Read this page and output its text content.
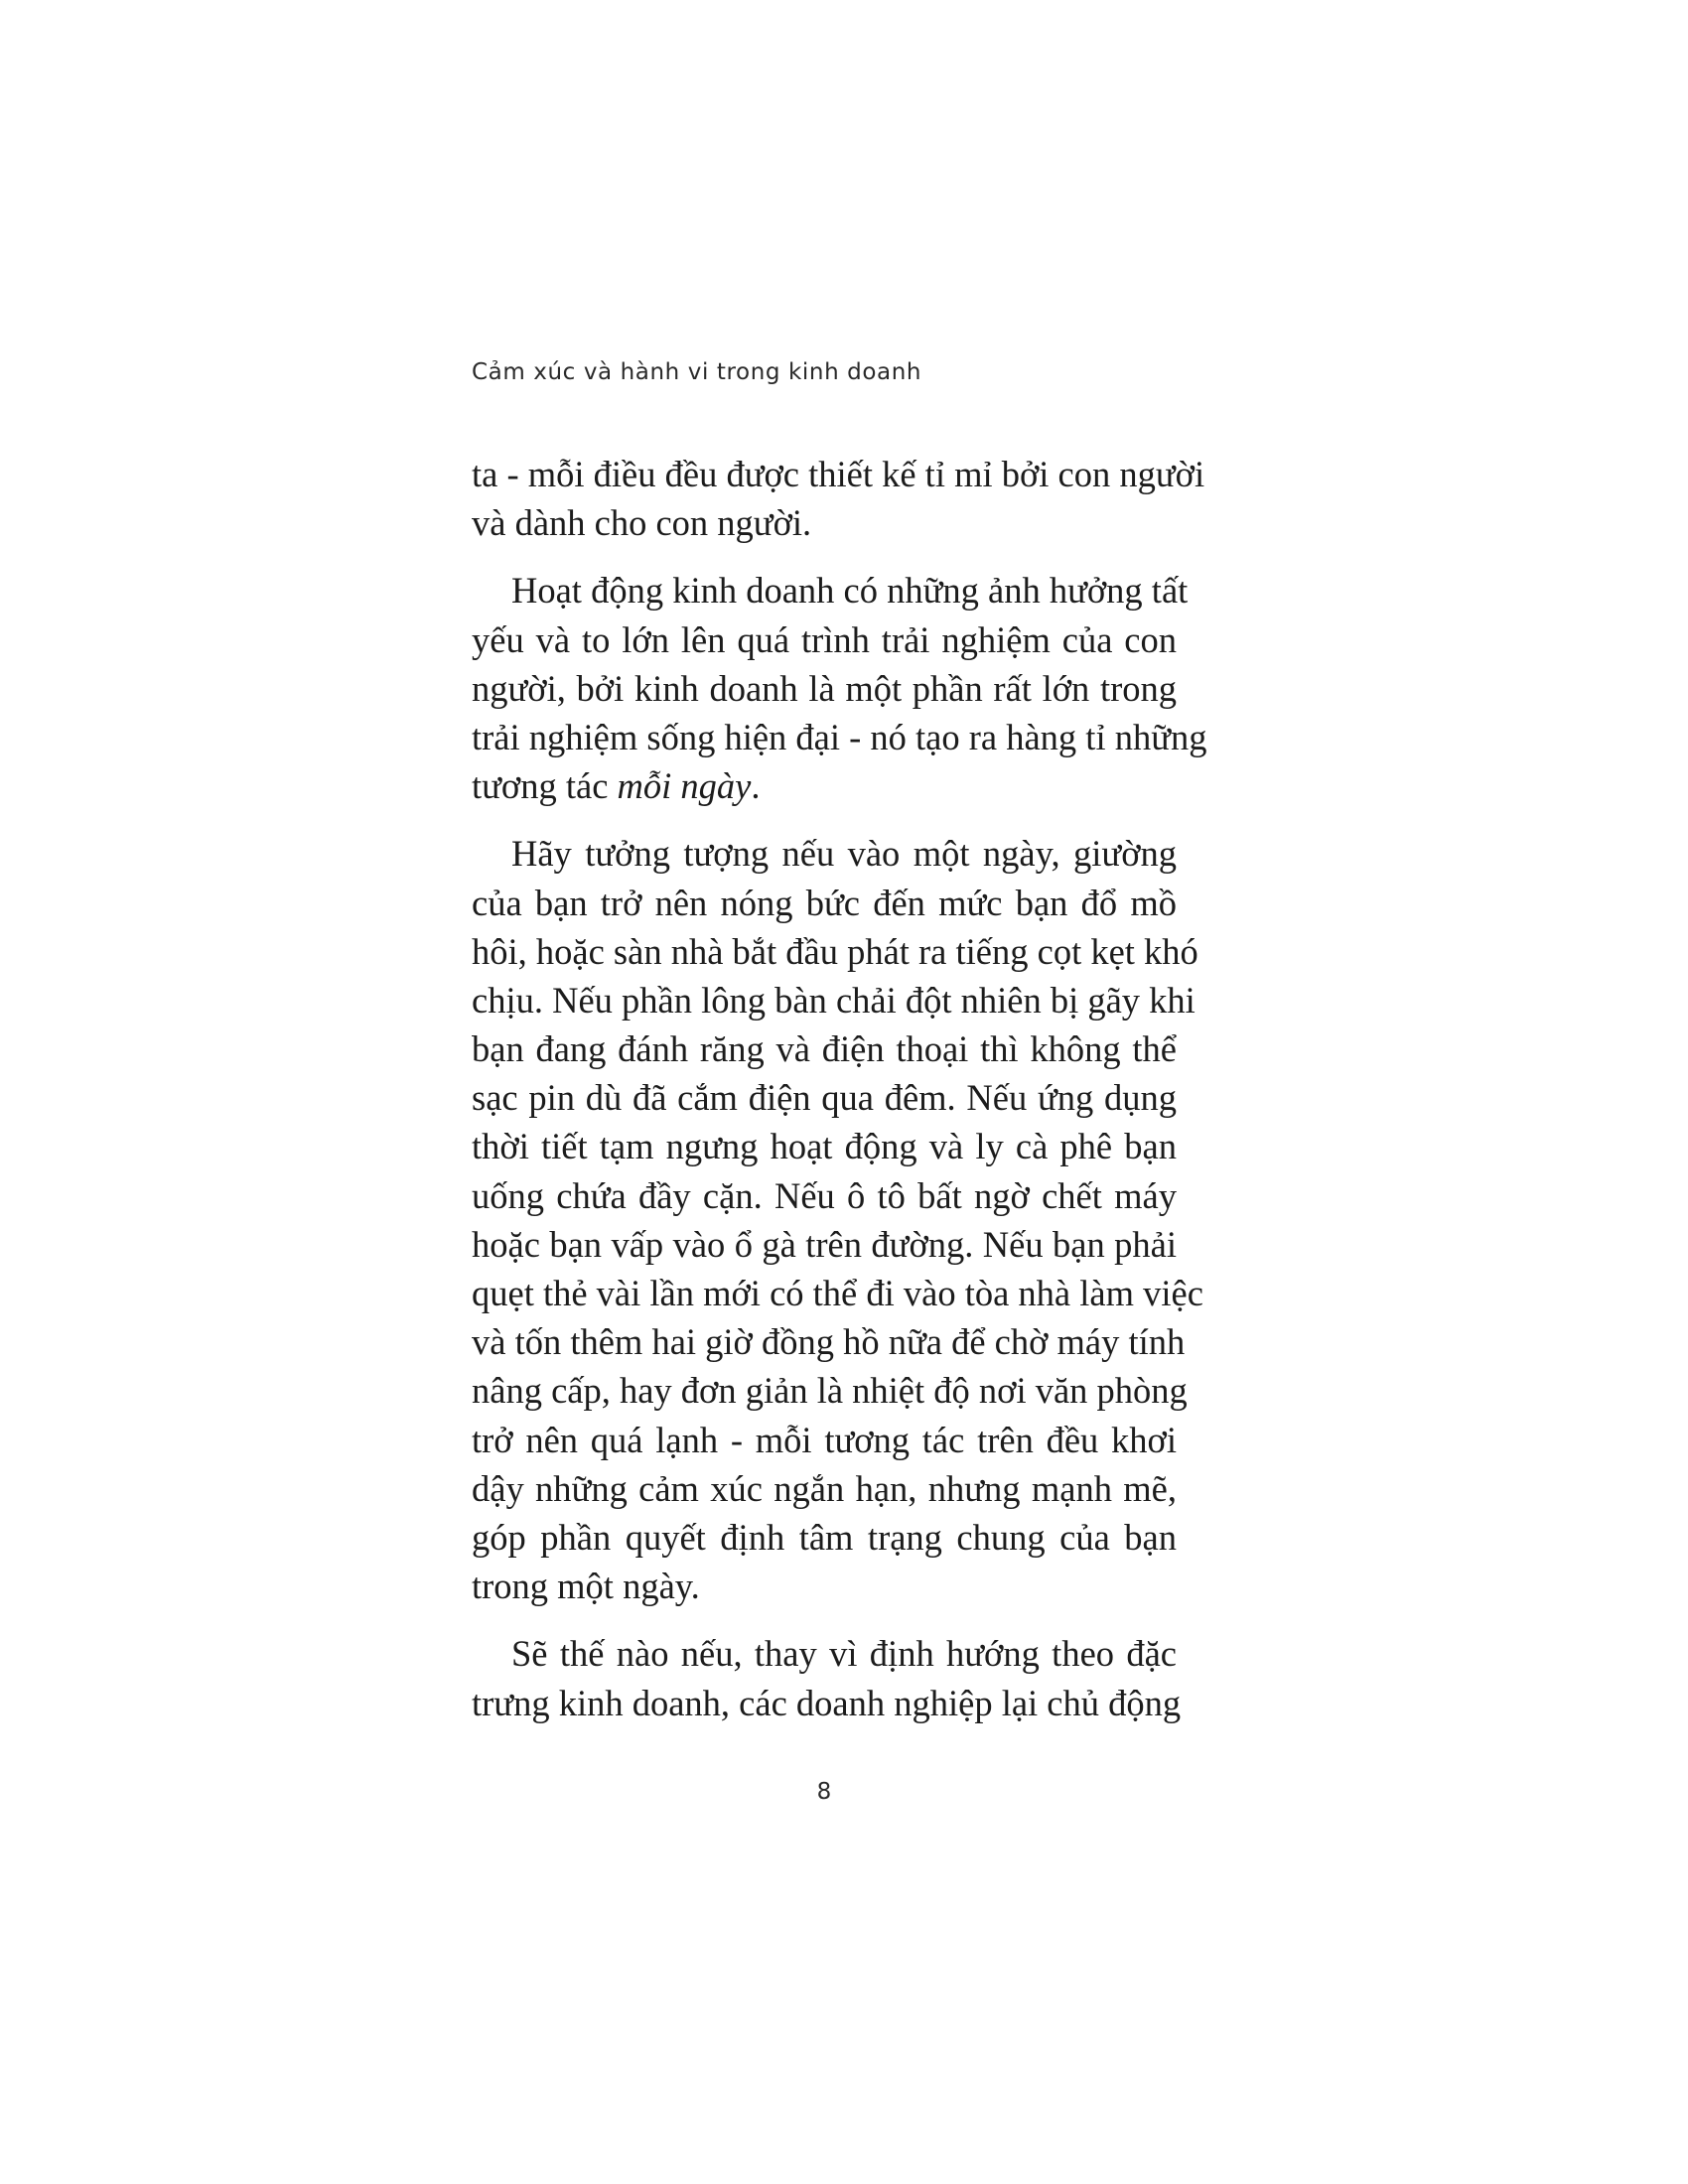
Cảm xúc và hành vi trong kinh doanh
ta - mỗi điều đều được thiết kế tỉ mỉ bởi con người
và dành cho con người.
Hoạt động kinh doanh có những ảnh hưởng tất
yếu và to lớn lên quá trình trải nghiệm của con
người, bởi kinh doanh là một phần rất lớn trong
trải nghiệm sống hiện đại - nó tạo ra hàng tỉ những
tương tác mỗi ngày.
Hãy tưởng tượng nếu vào một ngày, giường
của bạn trở nên nóng bức đến mức bạn đổ mồ
hôi, hoặc sàn nhà bắt đầu phát ra tiếng cọt kẹt khó
chịu. Nếu phần lông bàn chải đột nhiên bị gãy khi
bạn đang đánh răng và điện thoại thì không thể
sạc pin dù đã cắm điện qua đêm. Nếu ứng dụng
thời tiết tạm ngưng hoạt động và ly cà phê bạn
uống chứa đầy cặn. Nếu ô tô bất ngờ chết máy
hoặc bạn vấp vào ổ gà trên đường. Nếu bạn phải
quẹt thẻ vài lần mới có thể đi vào tòa nhà làm việc
và tốn thêm hai giờ đồng hồ nữa để chờ máy tính
nâng cấp, hay đơn giản là nhiệt độ nơi văn phòng
trở nên quá lạnh - mỗi tương tác trên đều khơi
dậy những cảm xúc ngắn hạn, nhưng mạnh mẽ,
góp phần quyết định tâm trạng chung của bạn
trong một ngày.
Sẽ thế nào nếu, thay vì định hướng theo đặc
trưng kinh doanh, các doanh nghiệp lại chủ động
8
